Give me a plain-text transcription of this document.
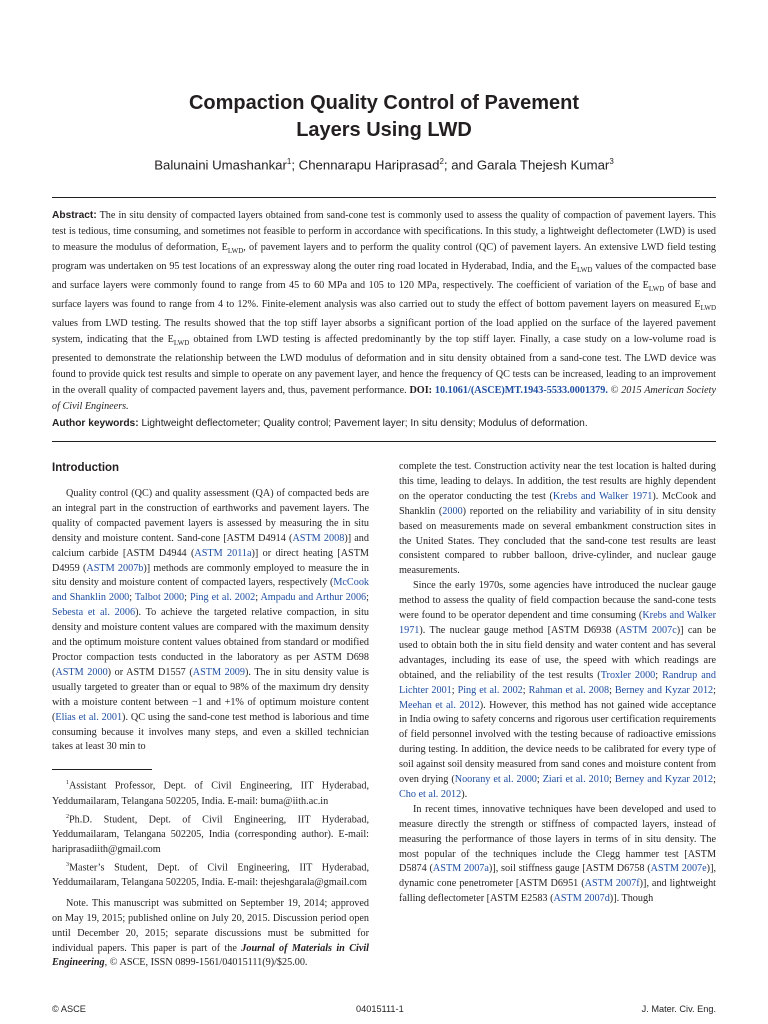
Compaction Quality Control of Pavement
Layers Using LWD
Balunaini Umashankar$^1$; Chennarapu Hariprasad$^2$; and Garala Thejesh Kumar$^3$

Abstract: The in situ density of compacted layers obtained from sand-cone test is commonly used to assess the quality of compaction of pavement layers. This test is tedious, time consuming, and sometimes not feasible to perform in accordance with specifications. In this study, a lightweight deflectometer (LWD) is used to measure the modulus of deformation, $E_{LWD}$, of pavement layers and to perform the quality control (QC) of pavement layers. An extensive LWD field testing program was undertaken on 95 test locations of an expressway along the outer ring road located in Hyderabad, India, and the $E_{LWD}$ values of the compacted base and surface layers were commonly found to range from 45 to 60 MPa and 105 to 120 MPa, respectively. The coefficient of variation of the $E_{LWD}$ of base and surface layers was found to range from 4 to 12%. Finite-element analysis was also carried out to study the effect of bottom pavement layers on measured $E_{LWD}$ values from LWD testing. The results showed that the top stiff layer absorbs a significant portion of the load applied on the surface of the layered pavement system, indicating that the $E_{LWD}$ obtained from LWD testing is affected predominantly by the top stiff layer. Finally, a case study on a low-volume road is presented to demonstrate the relationship between the LWD modulus of deformation and in situ density obtained from a sand-cone test. The LWD device was found to provide quick test results and simple to operate on any pavement layer, and hence the frequency of QC tests can be increased, leading to an improvement in the overall quality of compacted pavement layers and, thus, pavement performance. DOI: 10.1061/(ASCE)MT.1943-5533.0001379. © 2015 American Society of Civil Engineers.

Author keywords: Lightweight deflectometer; Quality control; Pavement layer; In situ density; Modulus of deformation.

Introduction

Quality control (QC) and quality assessment (QA) of compacted beds are an integral part in the construction of earthworks and pavement layers. The quality of compacted pavement layers is assessed by measuring the in situ density and moisture content. Sand-cone [ASTM D4914 (ASTM 2008)] and calcium carbide [ASTM D4944 (ASTM 2011a)] or direct heating [ASTM D4959 (ASTM 2007b)] methods are commonly employed to measure the in situ density and moisture content of compacted layers, respectively (McCook and Shanklin 2000; Talbot 2000; Ping et al. 2002; Ampadu and Arthur 2006; Sebesta et al. 2006). To achieve the targeted relative compaction, in situ density and moisture content values are compared with the maximum density and the optimum moisture content values obtained from standard or modified Proctor compaction tests conducted in the laboratory as per ASTM D698 (ASTM 2000) or ASTM D1557 (ASTM 2009). The in situ density value is usually targeted to greater than or equal to 98% of the maximum dry density with a moisture content between −1 and +1% of optimum moisture content (Elias et al. 2001). QC using the sand-cone test method is laborious and time consuming because it involves many steps, and even a skilled technician takes at least 30 min to

$^1$Assistant Professor, Dept. of Civil Engineering, IIT Hyderabad, Yeddumailaram, Telangana 502205, India. E-mail: buma@iith.ac.in

$^2$Ph.D. Student, Dept. of Civil Engineering, IIT Hyderabad, Yeddumailaram, Telangana 502205, India (corresponding author). E-mail: hariprasadiith@gmail.com

$^3$Master’s Student, Dept. of Civil Engineering, IIT Hyderabad, Yeddumailaram, Telangana 502205, India. E-mail: thejeshgarala@gmail.com

Note. This manuscript was submitted on September 19, 2014; approved on May 19, 2015; published online on July 20, 2015. Discussion period open until December 20, 2015; separate discussions must be submitted for individual papers. This paper is part of the Journal of Materials in Civil Engineering, © ASCE, ISSN 0899-1561/04015111(9)/$25.00.

complete the test. Construction activity near the test location is halted during this time, leading to delays. In addition, the test results are highly dependent on the operator conducting the test (Krebs and Walker 1971). McCook and Shanklin (2000) reported on the reliability and variability of in situ density based on measurements made on several embankment construction sites in the United States. They concluded that the sand-cone test results are least consistent compared to rubber balloon, drive-cylinder, and nuclear gauge measurements.

Since the early 1970s, some agencies have introduced the nuclear gauge method to assess the quality of field compaction because the sand-cone tests were found to be operator dependent and time consuming (Krebs and Walker 1971). The nuclear gauge method [ASTM D6938 (ASTM 2007c)] can be used to obtain both the in situ field density and water content and has several advantages, including its ease of use, the speed with which readings are obtained, and the reliability of the test results (Troxler 2000; Randrup and Lichter 2001; Ping et al. 2002; Rahman et al. 2008; Berney and Kyzar 2012; Meehan et al. 2012). However, this method has not gained wide acceptance in India owing to safety concerns and rigorous user certification requirements of field personnel involved with the testing because of radioactive emissions during testing. In addition, the device needs to be calibrated for every type of soil against soil density measured from sand cones and moisture content from oven drying (Noorany et al. 2000; Ziari et al. 2010; Berney and Kyzar 2012; Cho et al. 2012).

In recent times, innovative techniques have been developed and used to measure directly the strength or stiffness of compacted layers, instead of measuring the performance of those layers in terms of in situ density. The most popular of the techniques include the Clegg hammer test [ASTM D5874 (ASTM 2007a)], soil stiffness gauge [ASTM D6758 (ASTM 2007e)], dynamic cone penetrometer [ASTM D6951 (ASTM 2007f)], and lightweight falling deflectometer [ASTM E2583 (ASTM 2007d)]. Though

© ASCE	04015111-1	J. Mater. Civ. Eng.
